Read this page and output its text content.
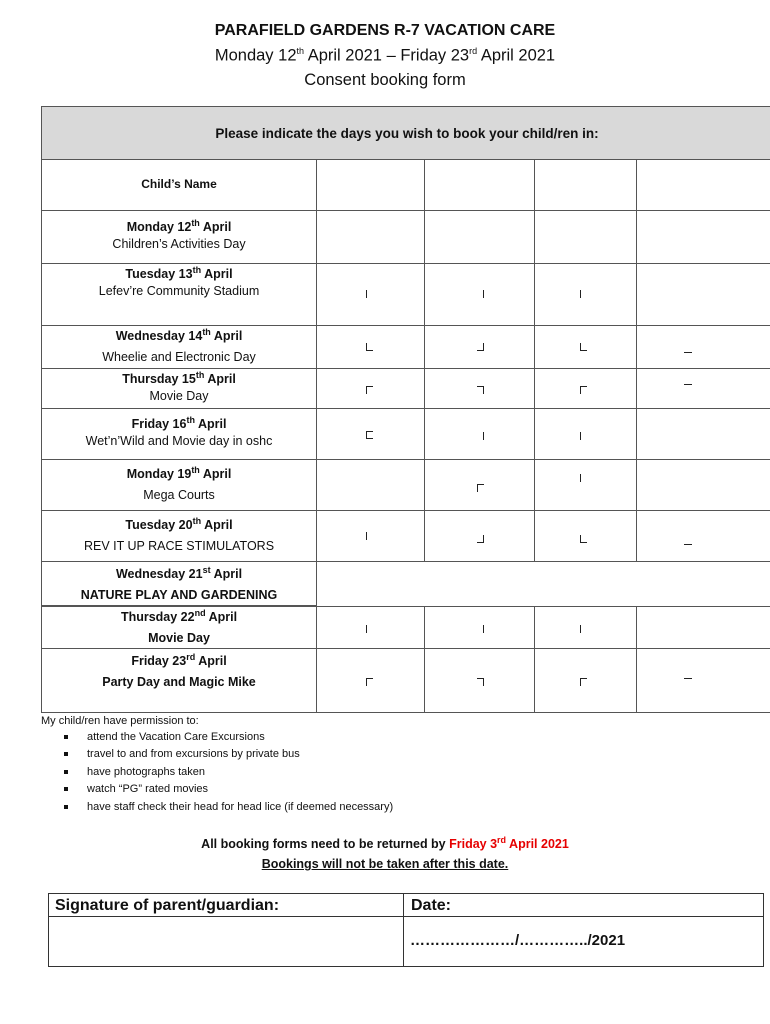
PARAFIELD GARDENS R-7 VACATION CARE
Monday 12th April 2021 – Friday 23rd April 2021
Consent booking form
Please indicate the days you wish to book your child/ren in:
Child’s Name
Monday 12th April
Children’s Activities Day
Tuesday 13th April
Lefev’re Community Stadium
Wednesday 14th April
Wheelie and Electronic Day
Thursday 15th April
Movie Day
Friday 16th April
Wet’n’Wild and Movie day in oshc
Monday 19th April
Mega Courts
Tuesday 20th April
REV IT UP RACE STIMULATORS
Wednesday 21st April
NATURE PLAY AND GARDENING
Thursday 22nd April
Movie Day
Friday 23rd April
Party Day and Magic Mike
My child/ren have permission to:
attend the Vacation Care Excursions
travel to and from excursions by private bus
have photographs taken
watch “PG” rated movies
have staff check their head for head lice (if deemed necessary)
All booking forms need to be returned by Friday 3rd April 2021
Bookings will not be taken after this date.
Signature of parent/guardian:	Date:
…………………/…………../2021
